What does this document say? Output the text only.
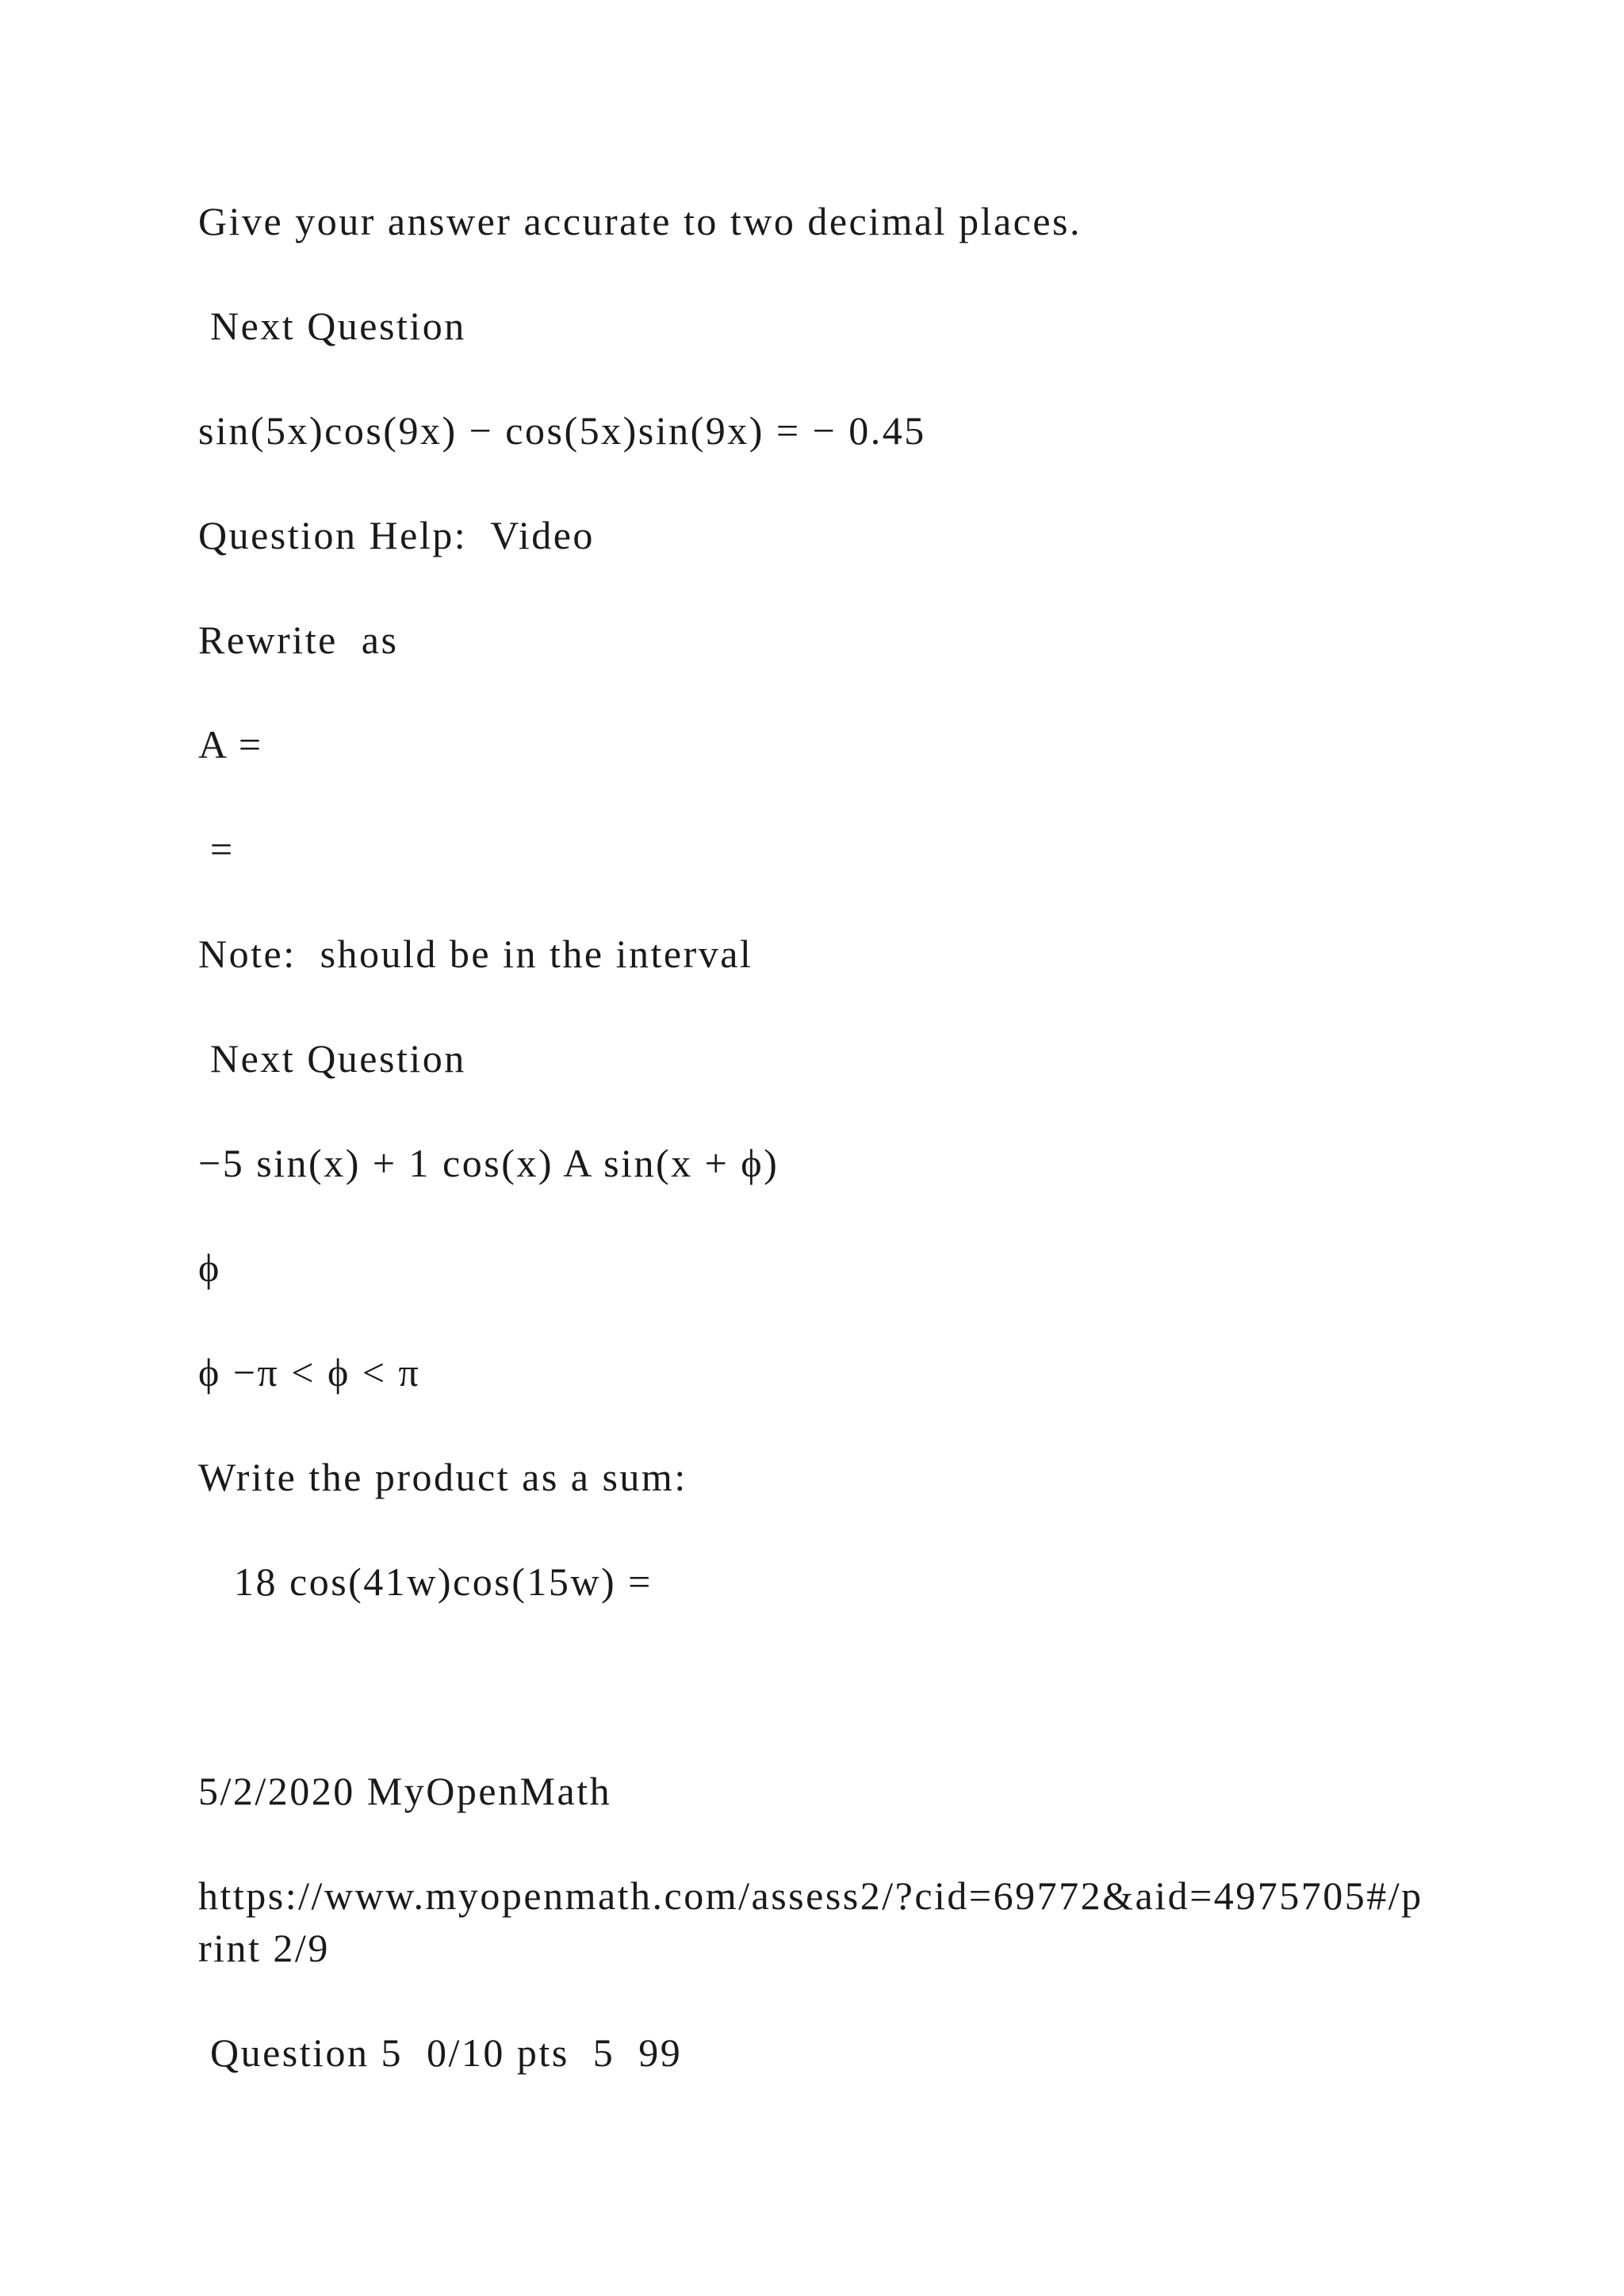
Give your answer accurate to two decimal places.

Next Question

sin(5x)cos(9x) − cos(5x)sin(9x) = − 0.45

Question Help:  Video

Rewrite  as

A =

=

Note:  should be in the interval

Next Question

−5 sin(x) + 1 cos(x) A sin(x + ϕ)

ϕ

ϕ −π < ϕ < π

Write the product as a sum:

18 cos(41w)cos(15w) =

5/2/2020 MyOpenMath

https://www.myopenmath.com/assess2/?cid=69772&aid=4975705#/print 2/9

Question 5  0/10 pts  5  99
